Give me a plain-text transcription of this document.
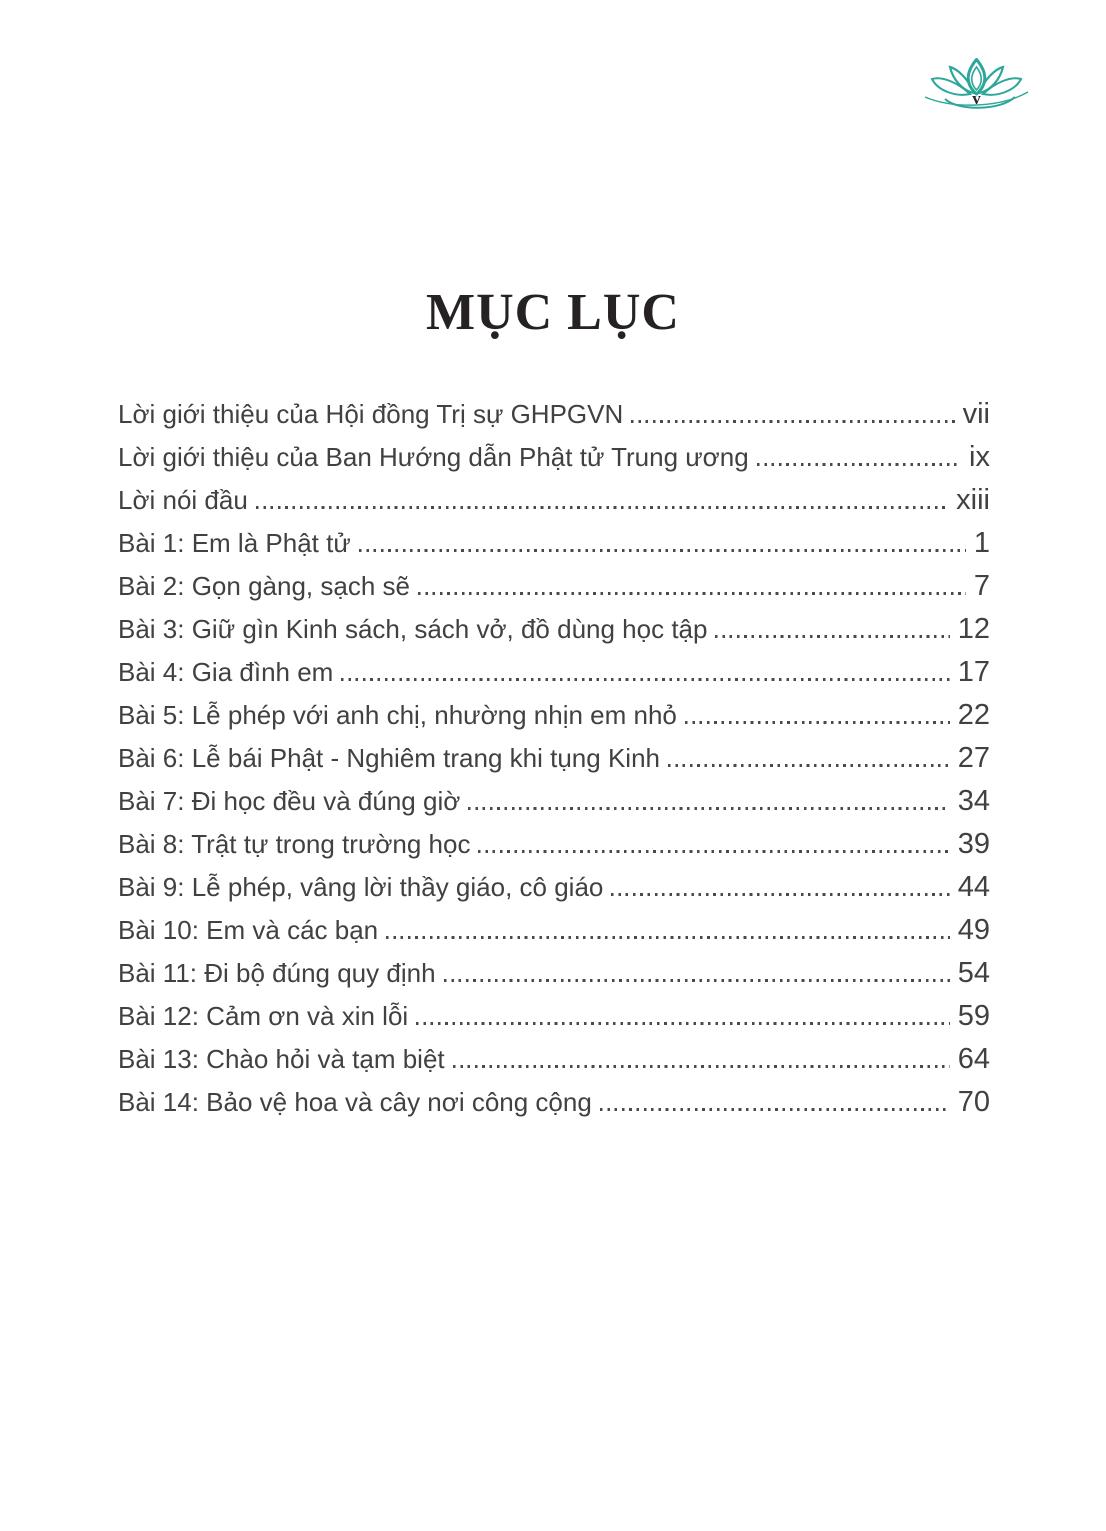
v
MỤC LỤC
Lời giới thiệu của Hội đồng Trị sự GHPGVN	vii
Lời giới thiệu của Ban Hướng dẫn Phật tử Trung ương	ix
Lời nói đầu	xiii
Bài 1: Em là Phật tử	1
Bài 2: Gọn gàng, sạch sẽ	7
Bài 3: Giữ gìn Kinh sách, sách vở, đồ dùng học tập	12
Bài 4: Gia đình em	17
Bài 5: Lễ phép với anh chị, nhường nhịn em nhỏ	22
Bài 6: Lễ bái Phật - Nghiêm trang khi tụng Kinh	27
Bài 7: Đi học đều và đúng giờ	34
Bài 8: Trật tự trong trường học	39
Bài 9: Lễ phép, vâng lời thầy giáo, cô giáo	44
Bài 10: Em và các bạn	49
Bài 11: Đi bộ đúng quy định	54
Bài 12: Cảm ơn và xin lỗi	59
Bài 13: Chào hỏi và tạm biệt	64
Bài 14: Bảo vệ hoa và cây nơi công cộng	70
